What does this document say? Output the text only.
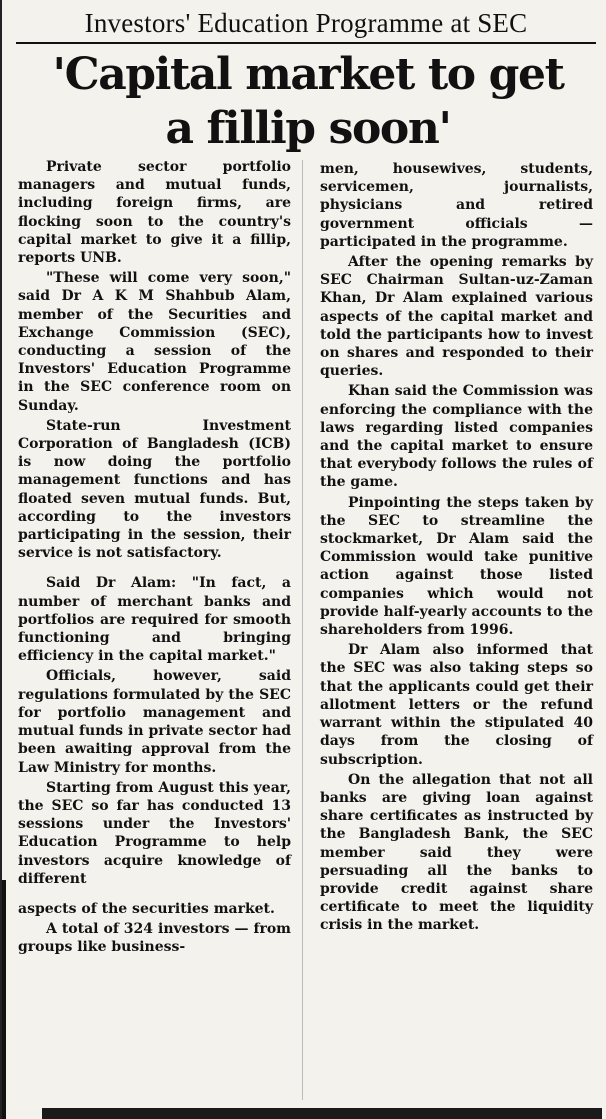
Investors' Education Programme at SEC
'Capital market to get
a fillip soon'

Private sector portfolio managers and mutual funds, including foreign firms, are flocking soon to the country's capital market to give it a fillip, reports UNB.

"These will come very soon," said Dr A K M Shahbub Alam, member of the Securities and Exchange Commission (SEC), conducting a session of the Investors' Education Programme in the SEC conference room on Sunday.

State-run Investment Corporation of Bangladesh (ICB) is now doing the portfolio management functions and has floated seven mutual funds. But, according to the investors participating in the session, their service is not satisfactory.

Said Dr Alam: "In fact, a number of merchant banks and portfolios are required for smooth functioning and bringing efficiency in the capital market."

Officials, however, said regulations formulated by the SEC for portfolio management and mutual funds in private sector had been awaiting approval from the Law Ministry for months.

Starting from August this year, the SEC so far has conducted 13 sessions under the Investors' Education Programme to help investors acquire knowledge of different

aspects of the securities market.

A total of 324 investors — from groups like business-

men, housewives, students, servicemen, journalists, physicians and retired government officials — participated in the programme.

After the opening remarks by SEC Chairman Sultan-uz-Zaman Khan, Dr Alam explained various aspects of the capital market and told the participants how to invest on shares and responded to their queries.

Khan said the Commission was enforcing the compliance with the laws regarding listed companies and the capital market to ensure that everybody follows the rules of the game.

Pinpointing the steps taken by the SEC to streamline the stockmarket, Dr Alam said the Commission would take punitive action against those listed companies which would not provide half-yearly accounts to the shareholders from 1996.

Dr Alam also informed that the SEC was also taking steps so that the applicants could get their allotment letters or the refund warrant within the stipulated 40 days from the closing of subscription.

On the allegation that not all banks are giving loan against share certificates as instructed by the Bangladesh Bank, the SEC member said they were persuading all the banks to provide credit against share certificate to meet the liquidity crisis in the market.
